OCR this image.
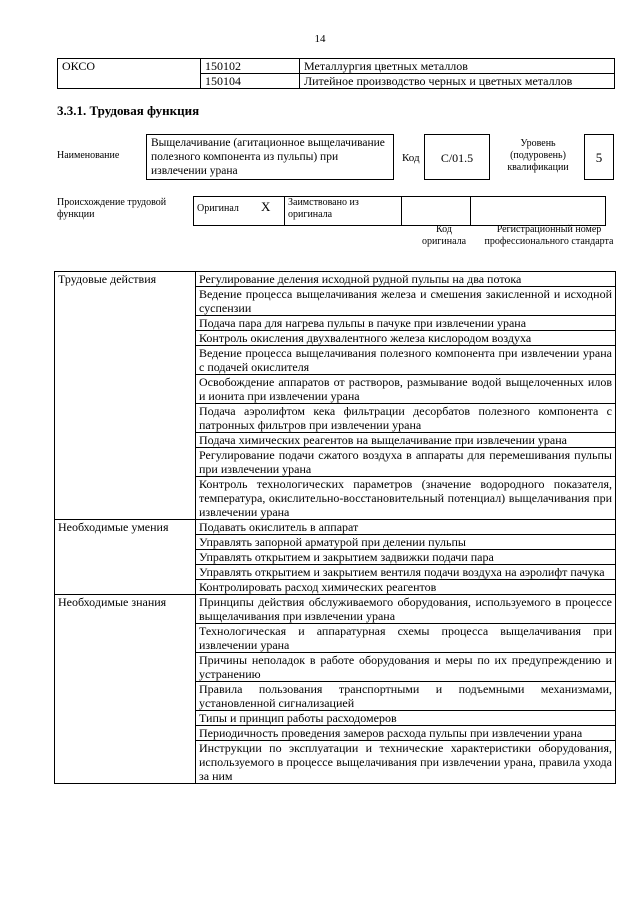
14
ОКСО	150102	Металлургия цветных металлов
	150104	Литейное производство черных и цветных металлов
3.3.1. Трудовая функция
Наименование
Выщелачивание (агитационное выщелачивание полезного компонента из пульпы) при извлечении урана
Код	C/01.5
Уровень (подуровень) квалификации
5
Происхождение трудовой функции
Оригинал	X	Заимствовано из оригинала		
Код оригинала
Регистрационный номер профессионального стандарта
Трудовые действия	Регулирование деления исходной рудной пульпы на два потока
	Ведение процесса выщелачивания железа и смешения закисленной и исходной суспензии
	Подача пара для нагрева пульпы в пачуке при извлечении урана
	Контроль окисления двухвалентного железа кислородом воздуха
	Ведение процесса выщелачивания полезного компонента при извлечении урана с подачей окислителя
	Освобождение аппаратов от растворов, размывание водой выщелоченных илов и ионита при извлечении урана
	Подача аэролифтом кека фильтрации десорбатов полезного компонента с патронных фильтров при извлечении урана
	Подача химических реагентов на выщелачивание при извлечении урана
	Регулирование подачи сжатого воздуха в аппараты для перемешивания пульпы при извлечении урана
	Контроль технологических параметров (значение водородного показателя, температура, окислительно-восстановительный потенциал) выщелачивания при извлечении урана
Необходимые умения	Подавать окислитель в аппарат
	Управлять запорной арматурой при делении пульпы
	Управлять открытием и закрытием задвижки подачи пара
	Управлять открытием и закрытием вентиля подачи воздуха на аэролифт пачука
	Контролировать расход химических реагентов
Необходимые знания	Принципы действия обслуживаемого оборудования, используемого в процессе выщелачивания при извлечении урана
	Технологическая и аппаратурная схемы процесса выщелачивания при извлечении урана
	Причины неполадок в работе оборудования и меры по их предупреждению и устранению
	Правила пользования транспортными и подъемными механизмами, установленной сигнализацией
	Типы и принцип работы расходомеров
	Периодичность проведения замеров расхода пульпы при извлечении урана
	Инструкции по эксплуатации и технические характеристики оборудования, используемого в процессе выщелачивания при извлечении урана, правила ухода за ним
